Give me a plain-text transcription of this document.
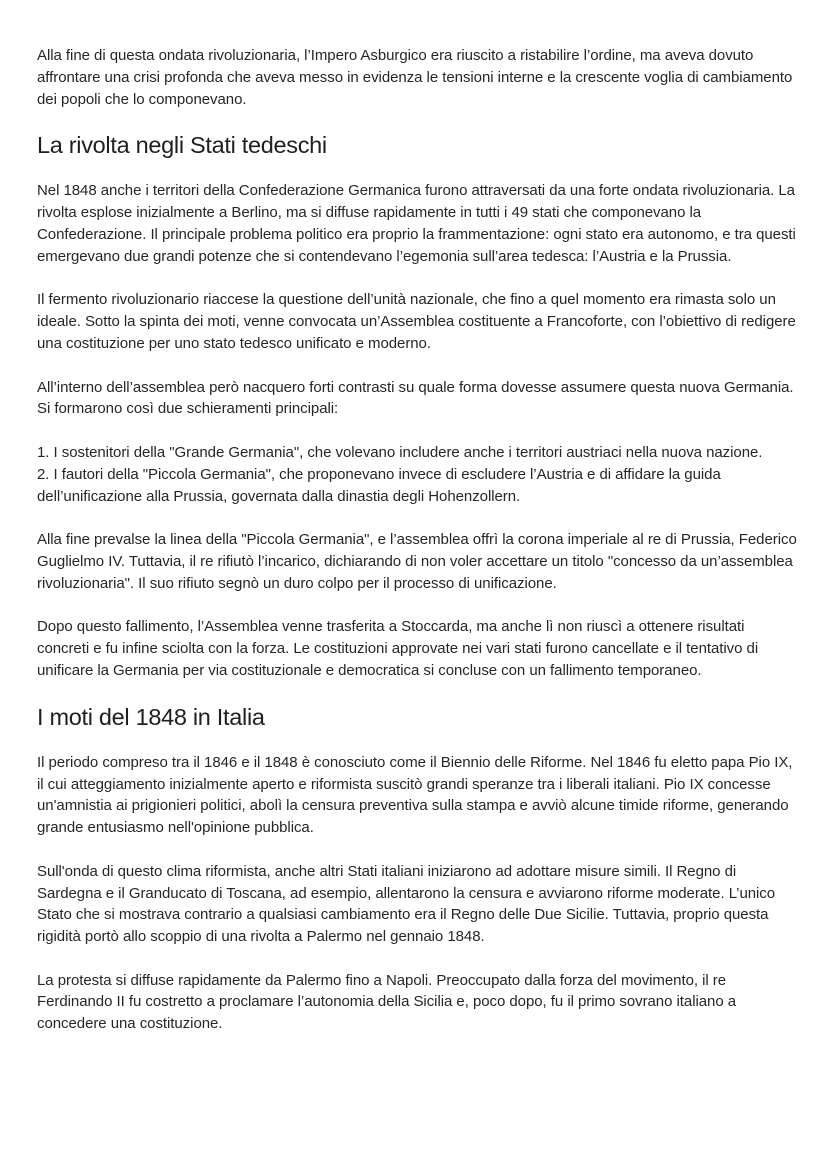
Alla fine di questa ondata rivoluzionaria, l’Impero Asburgico era riuscito a ristabilire l’ordine, ma aveva dovuto affrontare una crisi profonda che aveva messo in evidenza le tensioni interne e la crescente voglia di cambiamento dei popoli che lo componevano.

La rivolta negli Stati tedeschi

Nel 1848 anche i territori della Confederazione Germanica furono attraversati da una forte ondata rivoluzionaria. La rivolta esplose inizialmente a Berlino, ma si diffuse rapidamente in tutti i 49 stati che componevano la Confederazione. Il principale problema politico era proprio la frammentazione: ogni stato era autonomo, e tra questi emergevano due grandi potenze che si contendevano l’egemonia sull’area tedesca: l’Austria e la Prussia.

Il fermento rivoluzionario riaccese la questione dell’unità nazionale, che fino a quel momento era rimasta solo un ideale. Sotto la spinta dei moti, venne convocata un’Assemblea costituente a Francoforte, con l’obiettivo di redigere una costituzione per uno stato tedesco unificato e moderno.

All’interno dell’assemblea però nacquero forti contrasti su quale forma dovesse assumere questa nuova Germania. Si formarono così due schieramenti principali:

1. I sostenitori della "Grande Germania", che volevano includere anche i territori austriaci nella nuova nazione.

2. I fautori della "Piccola Germania", che proponevano invece di escludere l’Austria e di affidare la guida dell’unificazione alla Prussia, governata dalla dinastia degli Hohenzollern.

Alla fine prevalse la linea della "Piccola Germania", e l’assemblea offrì la corona imperiale al re di Prussia, Federico Guglielmo IV. Tuttavia, il re rifiutò l’incarico, dichiarando di non voler accettare un titolo "concesso da un’assemblea rivoluzionaria". Il suo rifiuto segnò un duro colpo per il processo di unificazione.

Dopo questo fallimento, l’Assemblea venne trasferita a Stoccarda, ma anche lì non riuscì a ottenere risultati concreti e fu infine sciolta con la forza. Le costituzioni approvate nei vari stati furono cancellate e il tentativo di unificare la Germania per via costituzionale e democratica si concluse con un fallimento temporaneo.

I moti del 1848 in Italia

Il periodo compreso tra il 1846 e il 1848 è conosciuto come il Biennio delle Riforme. Nel 1846 fu eletto papa Pio IX, il cui atteggiamento inizialmente aperto e riformista suscitò grandi speranze tra i liberali italiani. Pio IX concesse un'amnistia ai prigionieri politici, abolì la censura preventiva sulla stampa e avviò alcune timide riforme, generando grande entusiasmo nell'opinione pubblica.

Sull'onda di questo clima riformista, anche altri Stati italiani iniziarono ad adottare misure simili. Il Regno di Sardegna e il Granducato di Toscana, ad esempio, allentarono la censura e avviarono riforme moderate. L’unico Stato che si mostrava contrario a qualsiasi cambiamento era il Regno delle Due Sicilie. Tuttavia, proprio questa rigidità portò allo scoppio di una rivolta a Palermo nel gennaio 1848.

La protesta si diffuse rapidamente da Palermo fino a Napoli. Preoccupato dalla forza del movimento, il re Ferdinando II fu costretto a proclamare l’autonomia della Sicilia e, poco dopo, fu il primo sovrano italiano a concedere una costituzione.
